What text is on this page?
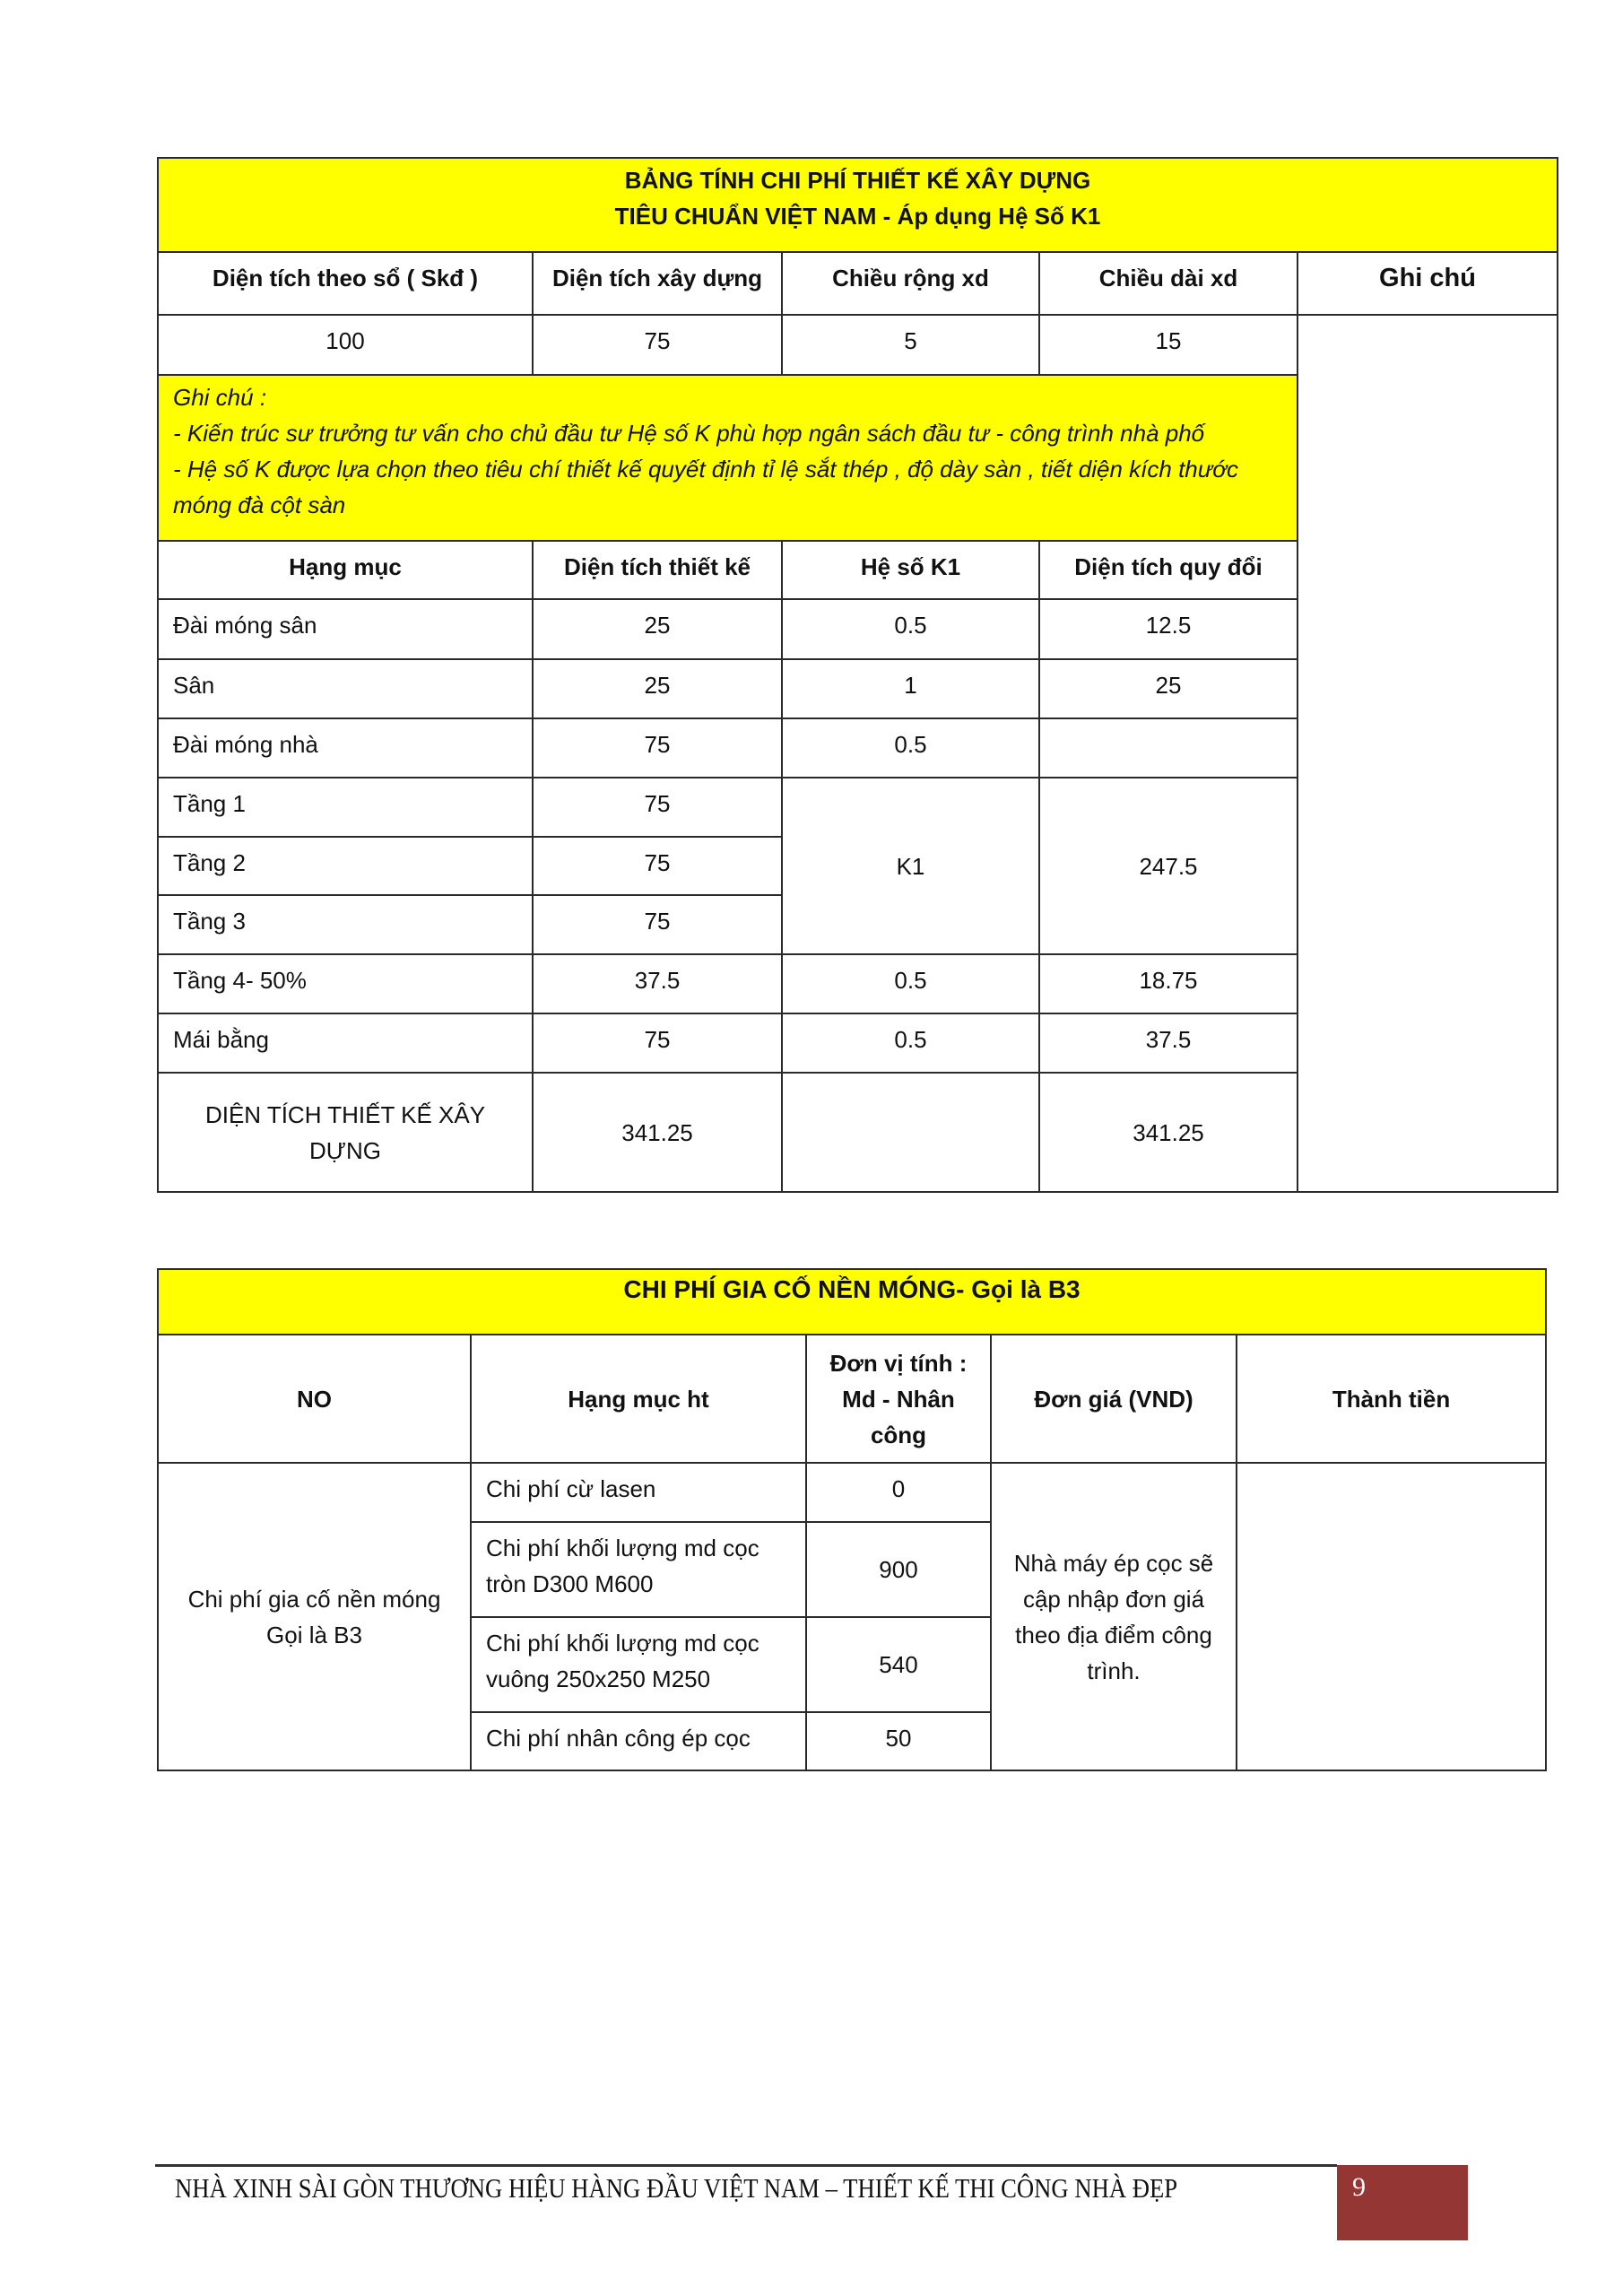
BẢNG TÍNH CHI PHÍ THIẾT KẾ XÂY DỰNG
TIÊU CHUẨN VIỆT NAM - Áp dụng Hệ Số K1				

Diện tích theo sổ ( Skđ )	Diện tích xây dựng	Chiều rộng xd	Chiều dài xd	Ghi chú
100	75	5	15	

Ghi chú :
- Kiến trúc sư trưởng tư vấn cho chủ đầu tư Hệ số K phù hợp ngân sách đầu tư - công trình nhà phố
- Hệ số K được lựa chọn theo tiêu chí thiết kế quyết định tỉ lệ sắt thép , độ dày sàn , tiết diện kích thước móng đà cột sàn				

Hạng mục	Diện tích thiết kế	Hệ số K1	Diện tích quy đổi	
Đài móng sân	25	0.5	12.5	
Sân	25	1	25	
Đài móng nhà	75	0.5		
Tầng 1	75	K1	247.5	
Tầng 2	75			
Tầng 3	75			
Tầng 4- 50%	37.5	0.5	18.75	
Mái bằng	75	0.5	37.5	
DIỆN TÍCH THIẾT KẾ XÂY DỰNG	341.25		341.25	
CHI PHÍ GIA CỐ NỀN MÓNG- Gọi là B3				
NO	Hạng mục ht	Đơn vị tính : Md - Nhân công	Đơn giá (VND)	Thành tiền
Chi phí gia cố nền móng Gọi là B3	Chi phí cừ lasen	0	Nhà máy ép cọc sẽ cập nhập đơn giá theo địa điểm công trình.	
	Chi phí khối lượng md cọc tròn D300 M600	900		
	Chi phí khối lượng md cọc vuông 250x250 M250	540		
	Chi phí nhân công ép cọc	50		
NHÀ XINH SÀI GÒN THƯƠNG HIỆU HÀNG ĐẦU VIỆT NAM – THIẾT KẾ THI CÔNG NHÀ ĐẸP	9
